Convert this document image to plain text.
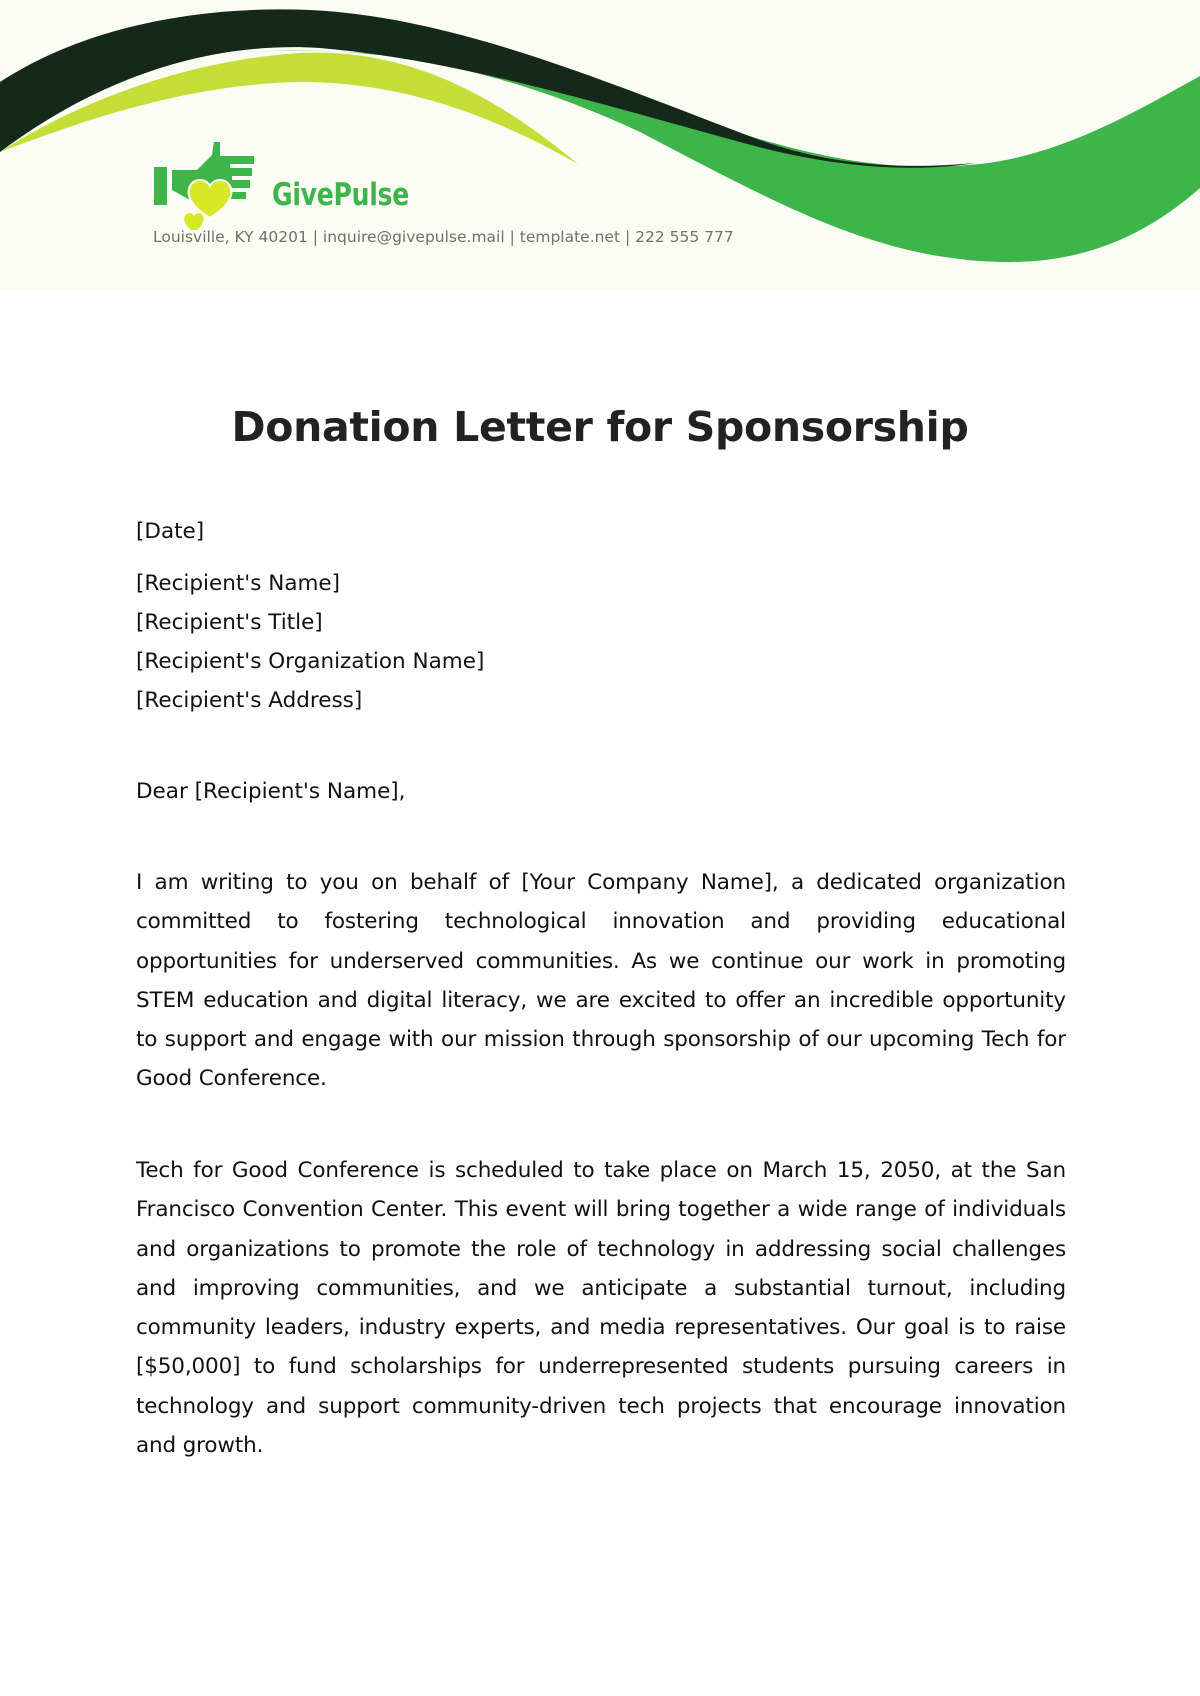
GivePulse
Louisville, KY 40201 | inquire@givepulse.mail | template.net | 222 555 777
Donation Letter for Sponsorship
[Date]
[Recipient's Name]
[Recipient's Title]
[Recipient's Organization Name]
[Recipient's Address]
Dear [Recipient's Name],

I am writing to you on behalf of [Your Company Name], a dedicated organization committed to fostering technological innovation and providing educational opportunities for underserved communities. As we continue our work in promoting STEM education and digital literacy, we are excited to offer an incredible opportunity to support and engage with our mission through sponsorship of our upcoming Tech for Good Conference.

Tech for Good Conference is scheduled to take place on March 15, 2050, at the San Francisco Convention Center. This event will bring together a wide range of individuals and organizations to promote the role of technology in addressing social challenges and improving communities, and we anticipate a substantial turnout, including community leaders, industry experts, and media representatives. Our goal is to raise [$50,000] to fund scholarships for underrepresented students pursuing careers in technology and support community-driven tech projects that encourage innovation and growth.
